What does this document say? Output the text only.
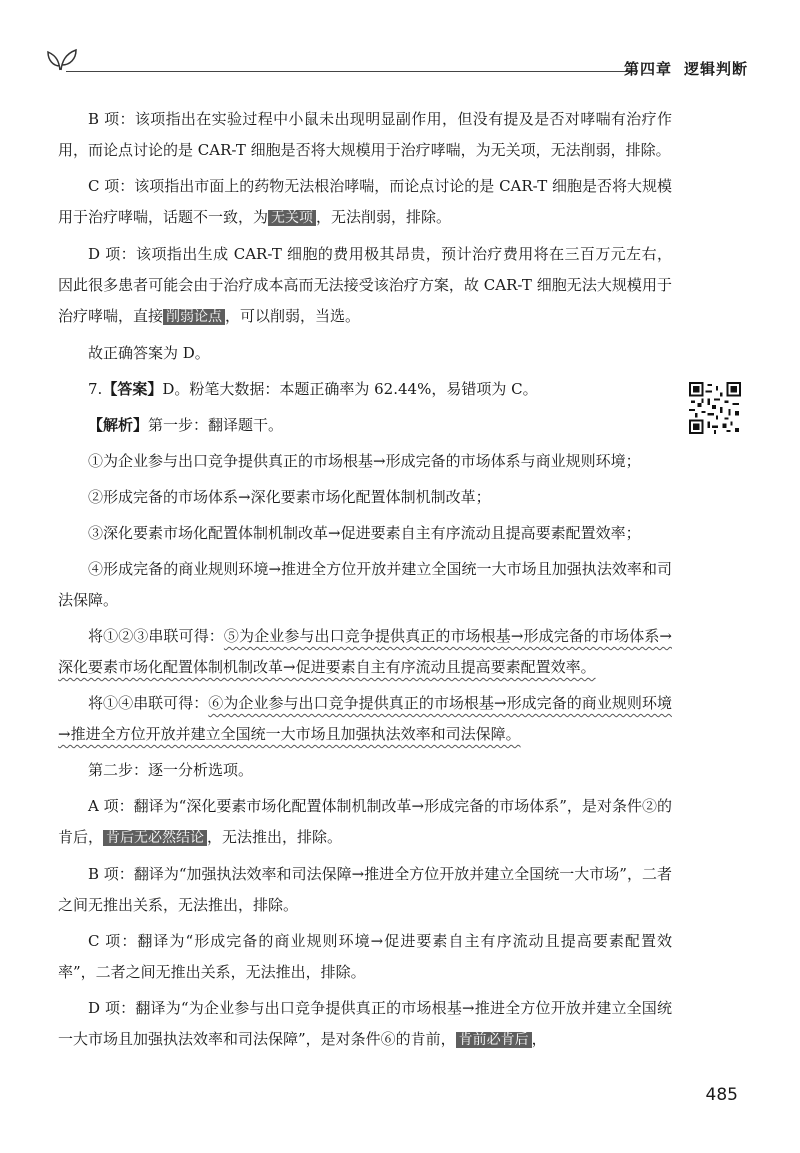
第四章 逻辑判断

B 项：该项指出在实验过程中小鼠未出现明显副作用，但没有提及是否对哮喘有治疗作用，而论点讨论的是 CAR-T 细胞是否将大规模用于治疗哮喘，为无关项，无法削弱，排除。

C 项：该项指出市面上的药物无法根治哮喘，而论点讨论的是 CAR-T 细胞是否将大规模用于治疗哮喘，话题不一致，为 无关项 ，无法削弱，排除。

D 项：该项指出生成 CAR-T 细胞的费用极其昂贵，预计治疗费用将在三百万元左右，因此很多患者可能会由于治疗成本高而无法接受该治疗方案，故 CAR-T 细胞无法大规模用于治疗哮喘，直接 削弱论点 ，可以削弱，当选。

故正确答案为 D。

7.【答案】D。粉笔大数据：本题正确率为 62.44%，易错项为 C。

【解析】第一步：翻译题干。

①为企业参与出口竞争提供真正的市场根基→形成完备的市场体系与商业规则环境；

②形成完备的市场体系→深化要素市场化配置体制机制改革；

③深化要素市场化配置体制机制改革→促进要素自主有序流动且提高要素配置效率；

④形成完备的商业规则环境→推进全方位开放并建立全国统一大市场且加强执法效率和司法保障。

将①②③串联可得：⑤为企业参与出口竞争提供真正的市场根基→形成完备的市场体系→深化要素市场化配置体制机制改革→促进要素自主有序流动且提高要素配置效率。

将①④串联可得：⑥为企业参与出口竞争提供真正的市场根基→形成完备的商业规则环境→推进全方位开放并建立全国统一大市场且加强执法效率和司法保障。

第二步：逐一分析选项。

A 项：翻译为“深化要素市场化配置体制机制改革→形成完备的市场体系”，是对条件②的肯后， 肯后无必然结论 ，无法推出，排除。

B 项：翻译为“加强执法效率和司法保障→推进全方位开放并建立全国统一大市场”，二者之间无推出关系，无法推出，排除。

C 项：翻译为“形成完备的商业规则环境→促进要素自主有序流动且提高要素配置效率”，二者之间无推出关系，无法推出，排除。

D 项：翻译为“为企业参与出口竞争提供真正的市场根基→推进全方位开放并建立全国统一大市场且加强执法效率和司法保障”，是对条件⑥的肯前， 肯前必肯后 ，

485
